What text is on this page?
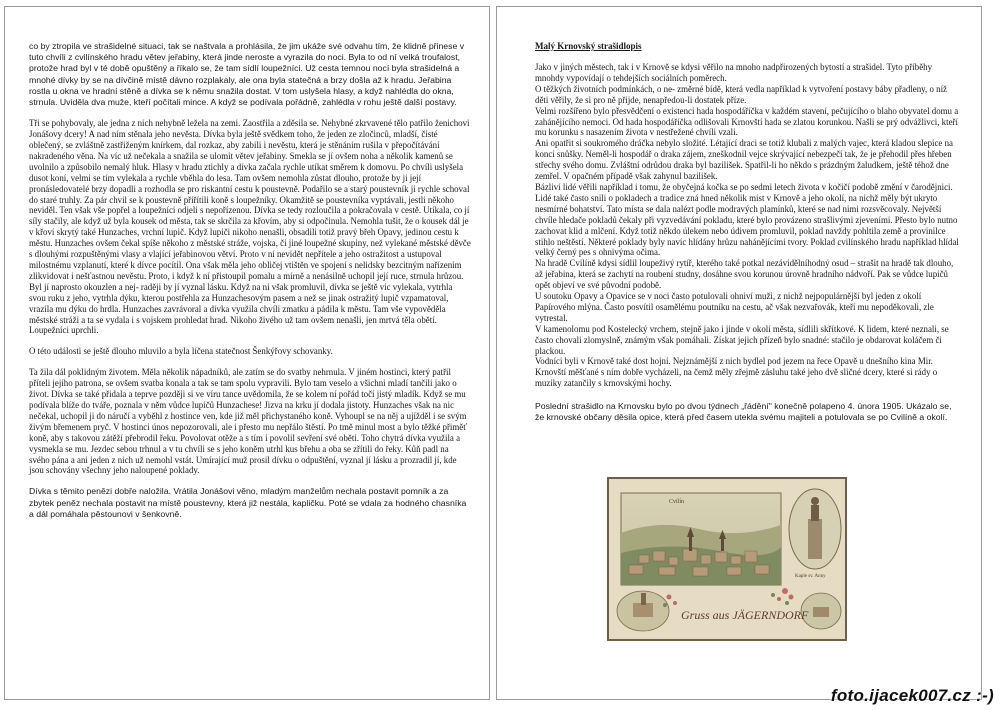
co by ztropila ve strašidelné situaci, tak se naštvala a prohlásila, že jim ukáže své odvahu tím, že klidně přinese v tuto chvíli z cvilínského hradu větev jeřabiny, která jinde neroste a vyrazila do noci. Byla to od ní velká troufalost, protože hrad byl v té době opuštěný a říkalo se, že tam sídlí loupežníci. Už cesta temnou nocí byla strašidelná a mnohé dívky by se na dívčině místě dávno rozplakaly, ale ona byla statečná a brzy došla až k hradu. Jeřabina rostla u okna ve hradní stěně a dívka se k němu snažila dostat. V tom uslyšela hlasy, a když nahlédla do okna, strnula. Uviděla dva muže, kteří počítali mince. A když se podívala pořádně, zahlédla v rohu ještě další postavy.

Tři se pohybovaly, ale jedna z nich nehybně ležela na zemi. Zaostřila a zděsila se. Nehybné zkrvavené tělo patřilo ženichovi Jonášovy dcery! A nad ním stěnala jeho nevěsta. Dívka byla ještě svědkem toho, že jeden ze zločinců, mladší, čisté oblečený, se zvláštně zastřiženým knírkem, dal rozkaz, aby zabili i nevěstu, která je stěnáním rušila v přepočítávání nakradeného věna. Na víc už nečekala a snažila se ulomit větev jeřabiny. Smekla se jí ovšem noha a několik kamenů se uvolnilo a způsobilo nemalý hluk. Hlasy v hradu ztichly a dívka začala rychle utíkat směrem k domovu. Po chvíli uslyšela dusot koní, velmi se tím vylekala a rychle vběhla do lesa. Tam ovšem nemohla zůstat dlouho, protože by ji její pronásledovatelé brzy dopadli a rozhodla se pro riskantní cestu k poustevně. Podařilo se a starý poustevník ji rychle schoval do staré truhly. Za pár chvil se k poustevně přiřítili koně s loupežníky. Okamžitě se poustevníka vyptávali, jestli někoho neviděl. Ten však vše popřel a loupežníci odjeli s nepořízenou. Dívka se tedy rozloučila a pokračovala v cestě. Utíkala, co jí síly stačily, ale když už byla kousek od města, tak se skrčila za křovím, aby si odpočinula. Nemohla tušit, že o kousek dál je v křoví skrytý také Hunzaches, vrchní lupič. Když lupiči nikoho nenašli, obsadili totiž pravý břeh Opavy, jedinou cestu k městu. Hunzaches ovšem čekal spíše někoho z městské stráže, vojska, či jiné loupežné skupiny, než vylekané městské děvče s dlouhými rozpuštěnými vlasy a vlající jeřabinovou větví. Proto v ní nevidět nepřítele a jeho ostražitost a ustupoval milostnému vzplanutí, které k dívce pocítil. Ona však měla jeho obličej vtištěn ve spojení s nelidsky bezcitným nařízením zlikvidovat i nešťastnou nevěstu. Proto, i když k ní přistoupil pomalu a mírně a nenásilně uchopil její ruce, strnula hrůzou. Byl jí naprosto okouzlen a nej- raději by jí vyznal lásku. Když na ni však promluvil, dívka se ještě víc vylekala, vytrhla svou ruku z jeho, vytrhla dýku, kterou postřehla za Hunzachesovým pasem a než se jinak ostražitý lupič vzpamatoval, vrazila mu dýku do hrdla. Hunzaches zavrávoral a dívka využila chvíli zmatku a pádila k městu. Tam vše vypověděla městské stráži a ta se vydala i s vojskem prohledat hrad. Nikoho živého už tam ovšem nenašli, jen mrtvá těla obětí. Loupežníci uprchli.

O této události se ještě dlouho mluvilo a byla líčena statečnost Šenkýřovy schovanky.

Ta žila dál poklidným životem. Měla několik nápadníků, ale zatím se do svatby nehrnula. V jiném hostinci, který patřil příteli jejího patrona, se ovšem svatba konala a tak se tam spolu vypravili. Bylo tam veselo a všichni mladí tančili jako o život. Dívka se také přidala a teprve později si ve víru tance uvědomila, že se kolem ní pořád točí jistý mladík. Když se mu podívala blíže do tváře, poznala v něm vůdce lupičů Hunzachese! Jizva na krku jí dodala jistoty. Hunzaches však na nic nečekal, uchopil ji do náručí a vyběhl z hostince ven, kde již měl přichystaného koně. Vyhoupl se na něj a ujížděl i se svým živým břemenem pryč. V hostinci únos nepozorovali, ale i přesto mu nepřálo štěstí. Po tmě minul most a bylo těžké přiměť koně, aby s takovou zátěží přebrodil řeku. Povolovat otěže a s tím i povolil sevření své oběti. Toho chytrá dívka využila a vysmekla se mu. Jezdec sebou trhnul a v tu chvíli se s jeho koněm utrhl kus břehu a oba se zřítili do řeky. Kůň padl na svého pána a ani jeden z nich už nemohl vstát. Umírající muž prosil dívku o odpuštění, vyznal jí lásku a prozradil jí, kde jsou schovány všechny jeho naloupené poklady.

Dívka s těmito penězi dobře naložila. Vrátila Jonášovi věno, mladým manželům nechala postavit pomník a za zbytek peněz nechala postavit na místě poustevny, která již nestála, kapličku. Poté se vdala za hodného chasníka a dál pomáhala pěstounovi v šenkovně.

Malý Krnovský strašidlopis

Jako v jiných městech, tak i v Krnově se kdysi věřilo na mnoho nadpřirozených bytostí a strašidel. Tyto příběhy mnohdy vypovídají o tehdejších sociálních poměrech.

O těžkých životních podmínkách, o ne- změrné bídě, která vedla například k vytvoření postavy báby přadleny, o níž děti věřily, že si pro ně přijde, nenapředou-li dostatek příze.

Velmi rozšířeno bylo přesvědčení o existenci hada hospodáříčka v každém stavení, pečujícího o blaho obyvatel domu a zahánějícího nemoci. Od hada hospodáříčka odlišovali Krnovští hada se zlatou korunkou. Našli se prý odvážlivci, kteří mu korunku s nasazením života v nestřežené chvíli vzali.

Ani opatřit si soukromého dráčka nebylo složité. Létající draci se totiž klubali z malých vajec, která kladou slepice na konci snůšky. Neměl-li hospodář o draka zájem, zneškodnil vejce skrývající nebezpečí tak, že je přehodil přes hřeben střechy svého domu. Zvláštní odrůdou draka byl bazilišek. Spatřil-li ho někdo s prázdným žaludkem, ještě téhož dne zemřel. V opačném případě však zahynul bazilišek.

Bázliví lidé věřili například i tomu, že obyčejná kočka se po sedmi letech života v kočičí podobě změní v čarodějnici.

Lidé také často snili o pokladech a tradice zná hned několik míst v Krnově a jeho okolí, na nichž měly být ukryto nesmírné bohatství. Tato místa se dala nalézt podle modravých plamínků, které se nad nimi rozsvěcovaly. Největší chvíle hledače pokladů čekaly při vyzvedávání pokladu, které bylo provázeno strašlivými zjeveními. Přesto bylo nutno zachovat klid a mlčení. Když totiž někdo úlekem nebo údivem promluvil, poklad navždy pohltila země a provinilce stihlo neštěstí. Některé poklady byly navíc hlídány hrůzu nahánějícími tvory. Poklad cvilínského hradu například hlídal velký černý pes s ohnivýma očima.

Na hradě Cvilíně kdysi sídlil loupeživý rytíř, kterého také potkal nezávidělníhodný osud – strašit na hradě tak dlouho, až jeřabina, která se zachytí na roubení studny, dosáhne svou korunou úrovně hradního nádvoří. Pak se vůdce lupičů opět objeví ve své původní podobě.

U soutoku Opavy a Opavice se v noci často potulovali ohniví muži, z nichž nejpopulárnější byl jeden z okolí Papírového mlýna. Často posvítil osamělému poutníku na cestu, ač však nezvařovák, kteří mu nepoděkovali, zle vytrestal.

V kamenolomu pod Kostelecký vrchem, stejně jako i jinde v okolí města, sídlili skřítkové. K lidem, které neznali, se často chovali zlomyslně, známým však pomáhali. Získat jejich přízeň bylo snadné: stačilo je obdarovat koláčem či plackou.

Vodníci byli v Krnově také dost hojní. Nejznámější z nich bydlel pod jezem na řece Opavě u dnešního kina Mir. Krnovští měšťané s ním dobře vycházeli, na čemž měly zřejmě zásluhu také jeho dvě sličné dcery, které si rády o muziky zatančily s krnovskými hochy.

Poslední strašidlo na Krnovsku bylo po dvou týdnech „řádění" konečně polapeno 4. února 1905. Ukázalo se, že krnovské občany děsila opice, která před časem utekla svému majiteli a potulovala se po Cvilíně a okolí.

Cvilín
Kaple sv. Anny
Gruss aus JÄGERNDORF
foto.ijacek007.cz :-)
